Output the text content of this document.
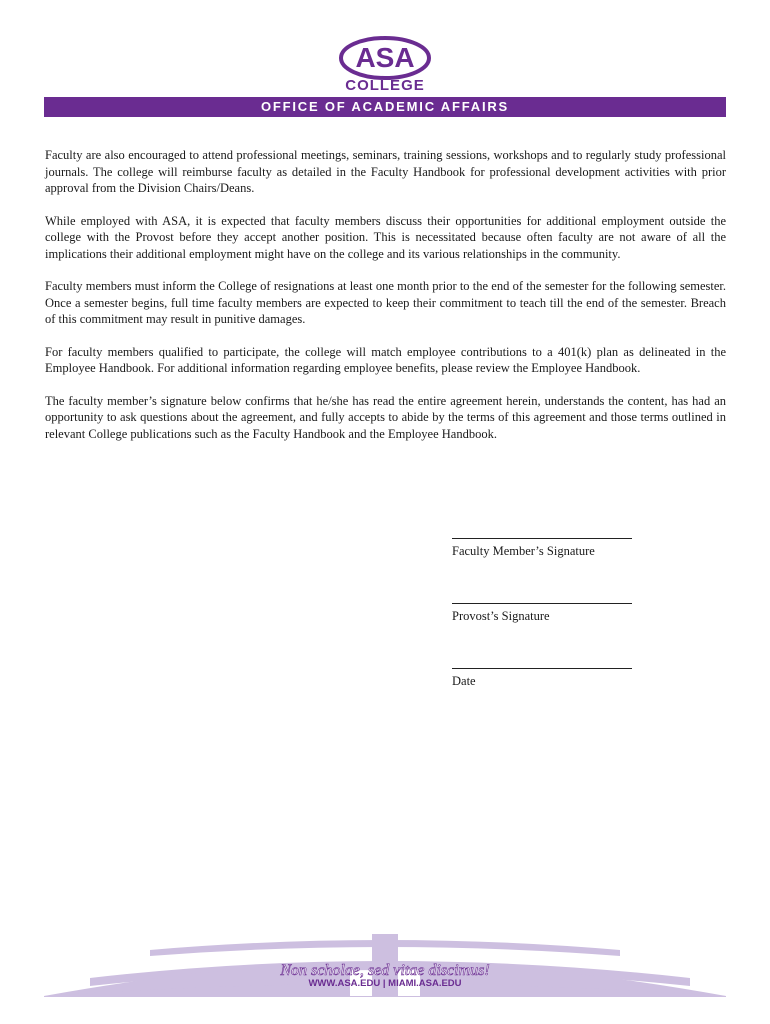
ASA
COLLEGE
OFFICE OF ACADEMIC AFFAIRS

Faculty are also encouraged to attend professional meetings, seminars, training sessions, workshops and to regularly study professional journals. The college will reimburse faculty as detailed in the Faculty Handbook for professional development activities with prior approval from the Division Chairs/Deans.

While employed with ASA, it is expected that faculty members discuss their opportunities for additional employment outside the college with the Provost before they accept another position. This is necessitated because often faculty are not aware of all the implications their additional employment might have on the college and its various relationships in the community.

Faculty members must inform the College of resignations at least one month prior to the end of the semester for the following semester. Once a semester begins, full time faculty members are expected to keep their commitment to teach till the end of the semester. Breach of this commitment may result in punitive damages.

For faculty members qualified to participate, the college will match employee contributions to a 401(k) plan as delineated in the Employee Handbook. For additional information regarding employee benefits, please review the Employee Handbook.

The faculty member’s signature below confirms that he/she has read the entire agreement herein, understands the content, has had an opportunity to ask questions about the agreement, and fully accepts to abide by the terms of this agreement and those terms outlined in relevant College publications such as the Faculty Handbook and the Employee Handbook.

Faculty Member’s Signature
Provost’s Signature
Date
Non scholae, sed vitae discimus!
WWW.ASA.EDU | MIAMI.ASA.EDU
